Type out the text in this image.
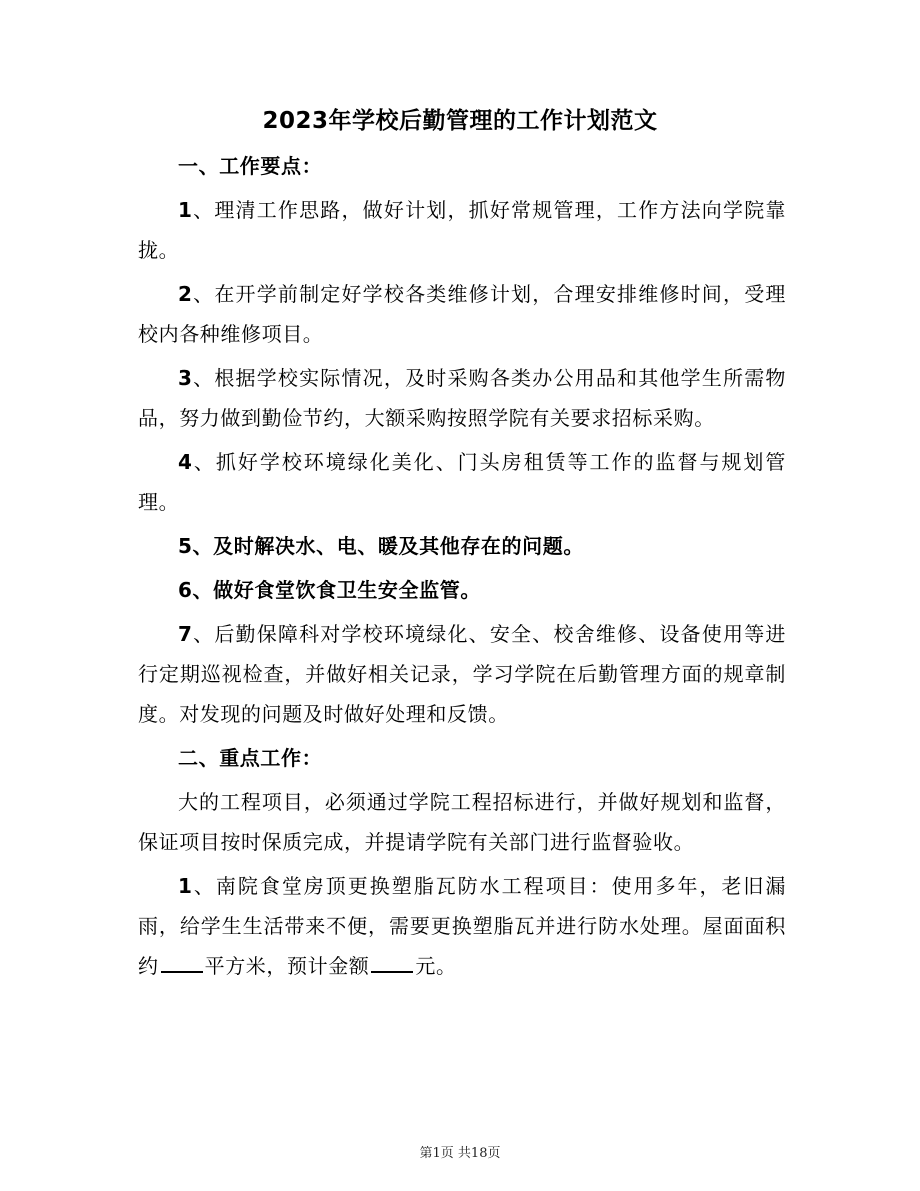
2023年学校后勤管理的工作计划范文

一、工作要点：

1、理清工作思路，做好计划，抓好常规管理，工作方法向学院靠拢。

2、在开学前制定好学校各类维修计划，合理安排维修时间，受理校内各种维修项目。

3、根据学校实际情况，及时采购各类办公用品和其他学生所需物品，努力做到勤俭节约，大额采购按照学院有关要求招标采购。

4、抓好学校环境绿化美化、门头房租赁等工作的监督与规划管理。

5、及时解决水、电、暖及其他存在的问题。

6、做好食堂饮食卫生安全监管。

7、后勤保障科对学校环境绿化、安全、校舍维修、设备使用等进行定期巡视检查，并做好相关记录，学习学院在后勤管理方面的规章制度。对发现的问题及时做好处理和反馈。

二、重点工作：

大的工程项目，必须通过学院工程招标进行，并做好规划和监督，保证项目按时保质完成，并提请学院有关部门进行监督验收。

1、南院食堂房顶更换塑脂瓦防水工程项目：使用多年，老旧漏雨，给学生生活带来不便，需要更换塑脂瓦并进行防水处理。屋面面积约 平方米，预计金额 元。

第1页 共18页
